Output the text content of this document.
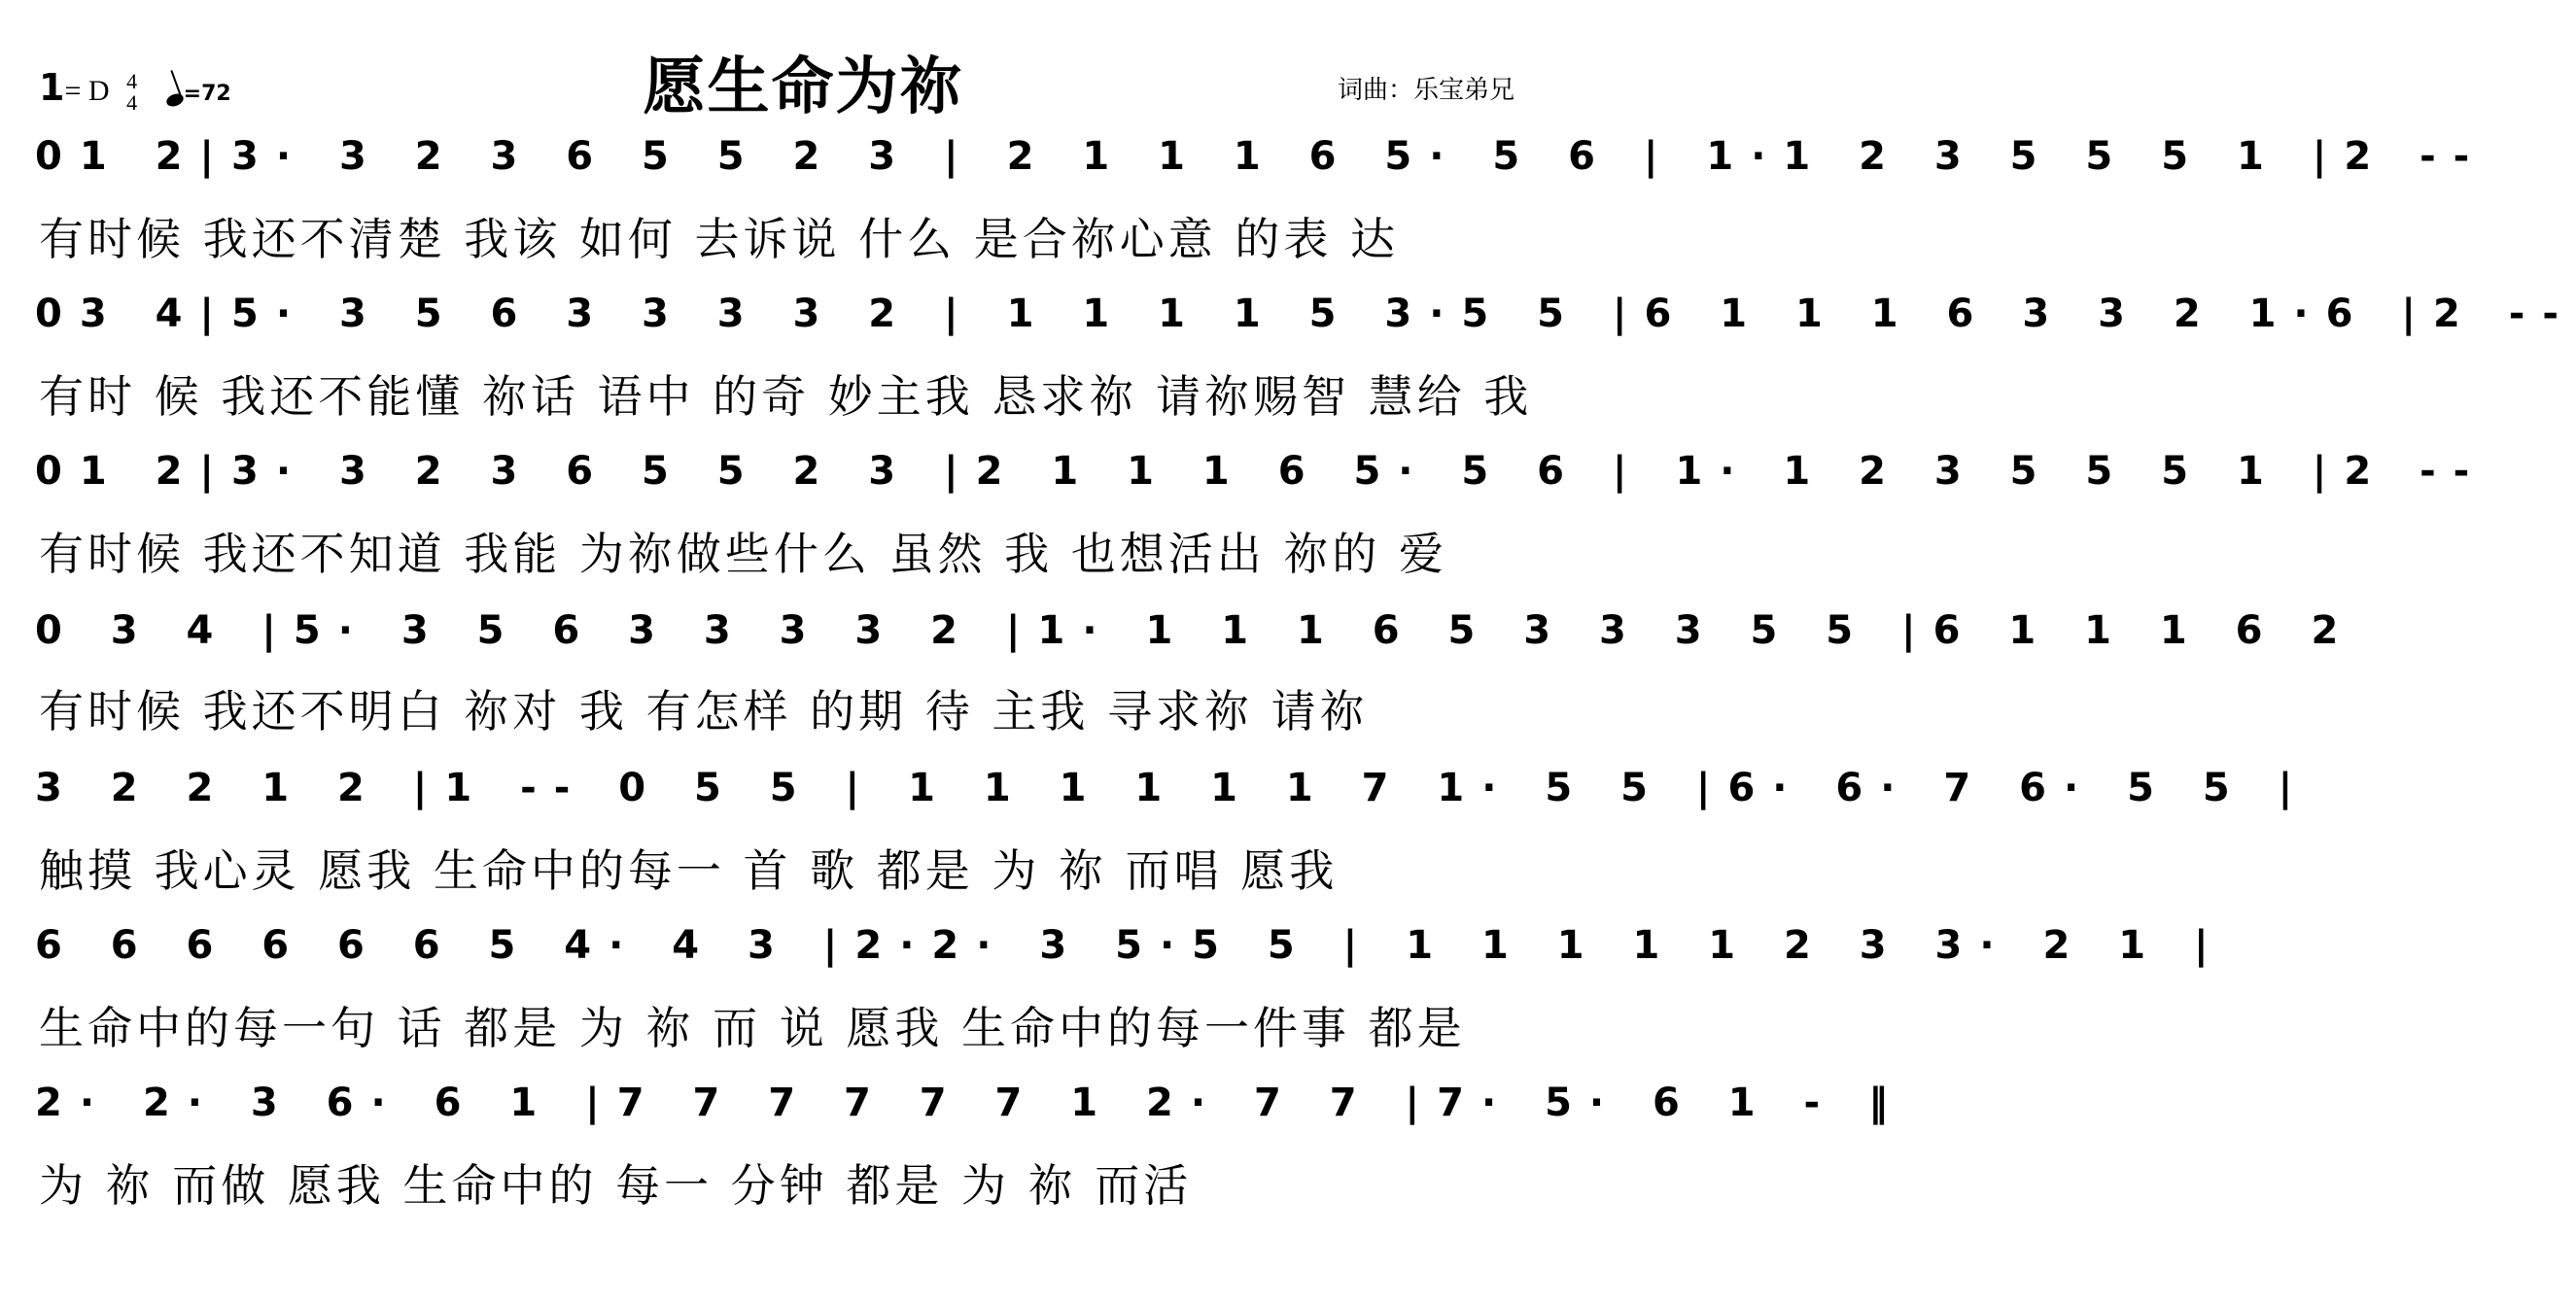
愿生命为祢
1= D 4
4 =72	词曲：乐宝弟兄
01 2|3· 3 2 3 6 5 5 2 3 | 2 1 1 1 6 5· 5 6 | 1·1 2 3 5 5 5 1 |2 --
有时候 我还不清楚 我该 如何 去诉说 什么 是合祢心意 的表 达
03 4|5· 3 5 6 3 3 3 3 2 | 1 1 1 1 5 3·5 5 |6 1 1 1 6 3 3 2 1·6 |2 --
有时 候 我还不能懂 祢话 语中 的奇 妙主我 恳求祢 请祢赐智 慧给 我
01 2|3· 3 2 3 6 5 5 2 3 |2 1 1 1 6 5· 5 6 | 1· 1 2 3 5 5 5 1 |2 --
有时候 我还不知道 我能 为祢做些什么 虽然 我 也想活出 祢的 爱
0 3 4 |5· 3 5 6 3 3 3 3 2 |1· 1 1 1 6 5 3 3 3 5 5 |6 1 1 1 6 2
有时候 我还不明白 祢对 我 有怎样 的期 待 主我 寻求祢 请祢
3 2 2 1 2 |1 -- 0 5 5 | 1 1 1 1 1 1 7 1· 5 5 |6· 6· 7 6· 5 5 |
触摸 我心灵 愿我 生命中的每一 首 歌 都是 为 祢 而唱 愿我
6 6 6 6 6 6 5 4· 4 3 |2·2· 3 5·5 5 | 1 1 1 1 1 2 3 3· 2 1 |
生命中的每一句 话 都是 为 祢 而 说 愿我 生命中的每一件事 都是
2· 2· 3 6· 6 1 |7 7 7 7 7 7 1 2· 7 7 |7· 5· 6 1 - ‖
为 祢 而做 愿我 生命中的 每一 分钟 都是 为 祢 而活
